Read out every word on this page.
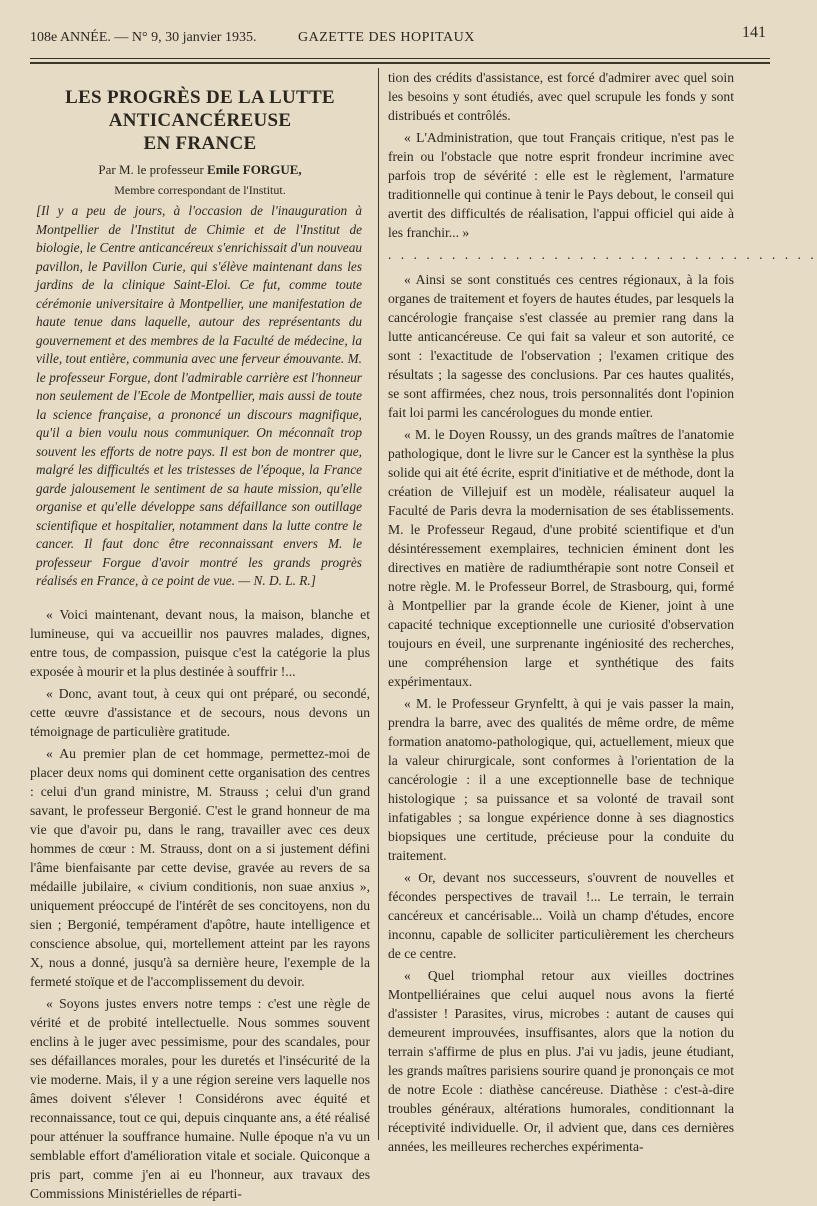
108e ANNÉE. — N° 9, 30 janvier 1935.	GAZETTE DES HOPITAUX	141
LES PROGRÈS DE LA LUTTE ANTICANCÉREUSE
EN FRANCE

Par M. le professeur Emile FORGUE,

Membre correspondant de l'Institut.

[Il y a peu de jours, à l'occasion de l'inauguration à Montpellier de l'Institut de Chimie et de l'Institut de biologie, le Centre anticancéreux s'enrichissait d'un nouveau pavillon, le Pavillon Curie, qui s'élève maintenant dans les jardins de la clinique Saint-Eloi. Ce fut, comme toute cérémonie universitaire à Montpellier, une manifestation de haute tenue dans laquelle, autour des représentants du gouvernement et des membres de la Faculté de médecine, la ville, tout entière, communia avec une ferveur émouvante. M. le professeur Forgue, dont l'admirable carrière est l'honneur non seulement de l'Ecole de Montpellier, mais aussi de toute la science française, a prononcé un discours magnifique, qu'il a bien voulu nous communiquer. On méconnaît trop souvent les efforts de notre pays. Il est bon de montrer que, malgré les difficultés et les tristesses de l'époque, la France garde jalousement le sentiment de sa haute mission, qu'elle organise et qu'elle développe sans défaillance son outillage scientifique et hospitalier, notamment dans la lutte contre le cancer. Il faut donc être reconnaissant envers M. le professeur Forgue d'avoir montré les grands progrès réalisés en France, à ce point de vue. — N. D. L. R.]

« Voici maintenant, devant nous, la maison, blanche et lumineuse, qui va accueillir nos pauvres malades, dignes, entre tous, de compassion, puisque c'est la catégorie la plus exposée à mourir et la plus destinée à souffrir !...

« Donc, avant tout, à ceux qui ont préparé, ou secondé, cette œuvre d'assistance et de secours, nous devons un témoignage de particulière gratitude.

« Au premier plan de cet hommage, permettez-moi de placer deux noms qui dominent cette organisation des centres : celui d'un grand ministre, M. Strauss ; celui d'un grand savant, le professeur Bergonié. C'est le grand honneur de ma vie que d'avoir pu, dans le rang, travailler avec ces deux hommes de cœur : M. Strauss, dont on a si justement défini l'âme bienfaisante par cette devise, gravée au revers de sa médaille jubilaire, « civium conditionis, non suae anxius », uniquement préoccupé de l'intérêt de ses concitoyens, non du sien ; Bergonié, tempérament d'apôtre, haute intelligence et conscience absolue, qui, mortellement atteint par les rayons X, nous a donné, jusqu'à sa dernière heure, l'exemple de la fermeté stoïque et de l'accomplissement du devoir.

« Soyons justes envers notre temps : c'est une règle de vérité et de probité intellectuelle. Nous sommes souvent enclins à le juger avec pessimisme, pour des scandales, pour ses défaillances morales, pour les duretés et l'insécurité de la vie moderne. Mais, il y a une région sereine vers laquelle nos âmes doivent s'élever ! Considérons avec équité et reconnaissance, tout ce qui, depuis cinquante ans, a été réalisé pour atténuer la souffrance humaine. Nulle époque n'a vu un semblable effort d'amélioration vitale et sociale. Quiconque a pris part, comme j'en ai eu l'honneur, aux travaux des Commissions Ministérielles de réparti-

tion des crédits d'assistance, est forcé d'admirer avec quel soin les besoins y sont étudiés, avec quel scrupule les fonds y sont distribués et contrôlés.

« L'Administration, que tout Français critique, n'est pas le frein ou l'obstacle que notre esprit frondeur incrimine avec parfois trop de sévérité : elle est le règlement, l'armature traditionnelle qui continue à tenir le Pays debout, le conseil qui avertit des difficultés de réalisation, l'appui officiel qui aide à les franchir... »

. . . . . . . . . . . . . . . . . . . . . . . . . . . . . . . . . .

« Ainsi se sont constitués ces centres régionaux, à la fois organes de traitement et foyers de hautes études, par lesquels la cancérologie française s'est classée au premier rang dans la lutte anticancéreuse. Ce qui fait sa valeur et son autorité, ce sont : l'exactitude de l'observation ; l'examen critique des résultats ; la sagesse des conclusions. Par ces hautes qualités, se sont affirmées, chez nous, trois personnalités dont l'opinion fait loi parmi les cancérologues du monde entier.

« M. le Doyen Roussy, un des grands maîtres de l'anatomie pathologique, dont le livre sur le Cancer est la synthèse la plus solide qui ait été écrite, esprit d'initiative et de méthode, dont la création de Villejuif est un modèle, réalisateur auquel la Faculté de Paris devra la modernisation de ses établissements. M. le Professeur Regaud, d'une probité scientifique et d'un désintéressement exemplaires, technicien éminent dont les directives en matière de radiumthérapie sont notre Conseil et notre règle. M. le Professeur Borrel, de Strasbourg, qui, formé à Montpellier par la grande école de Kiener, joint à une capacité technique exceptionnelle une curiosité d'observation toujours en éveil, une surprenante ingéniosité des recherches, une compréhension large et synthétique des faits expérimentaux.

« M. le Professeur Grynfeltt, à qui je vais passer la main, prendra la barre, avec des qualités de même ordre, de même formation anatomo-pathologique, qui, actuellement, mieux que la valeur chirurgicale, sont conformes à l'orientation de la cancérologie : il a une exceptionnelle base de technique histologique ; sa puissance et sa volonté de travail sont infatigables ; sa longue expérience donne à ses diagnostics biopsiques une certitude, précieuse pour la conduite du traitement.

« Or, devant nos successeurs, s'ouvrent de nouvelles et fécondes perspectives de travail !... Le terrain, le terrain cancéreux et cancérisable... Voilà un champ d'études, encore inconnu, capable de solliciter particulièrement les chercheurs de ce centre.

« Quel triomphal retour aux vieilles doctrines Montpelliéraines que celui auquel nous avons la fierté d'assister ! Parasites, virus, microbes : autant de causes qui demeurent improuvées, insuffisantes, alors que la notion du terrain s'affirme de plus en plus. J'ai vu jadis, jeune étudiant, les grands maîtres parisiens sourire quand je prononçais ce mot de notre Ecole : diathèse cancéreuse. Diathèse : c'est-à-dire troubles généraux, altérations humorales, conditionnant la réceptivité individuelle. Or, il advient que, dans ces dernières années, les meilleures recherches expérimenta-
